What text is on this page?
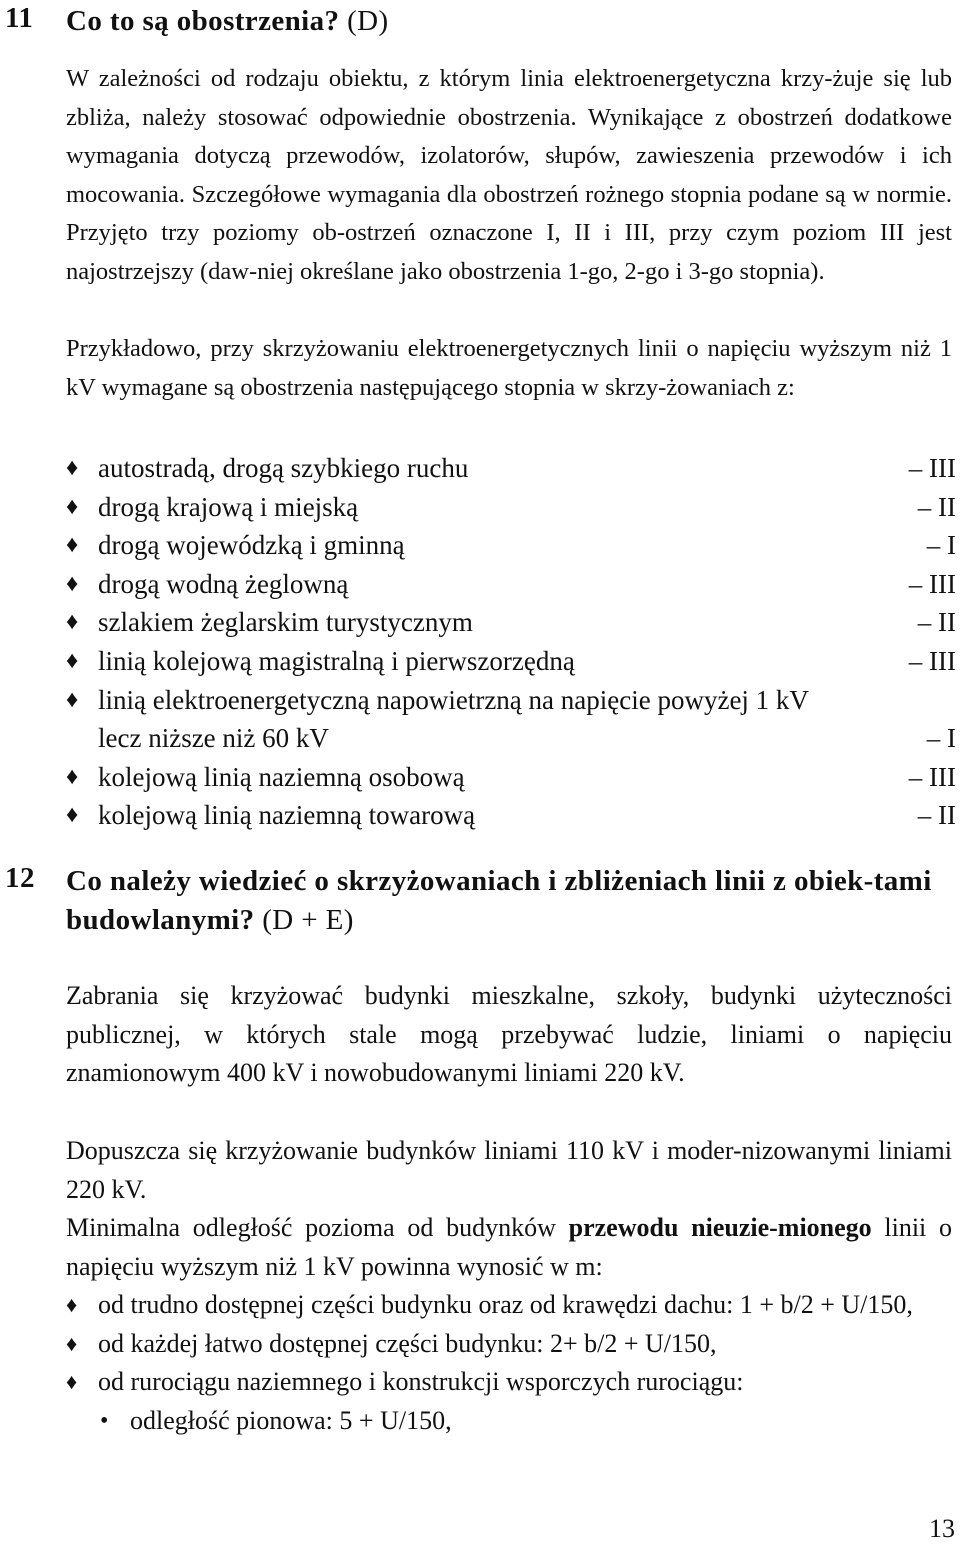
11 Co to są obostrzenia? (D)
W zależności od rodzaju obiektu, z którym linia elektroenergetyczna krzy-żuje się lub zbliża, należy stosować odpowiednie obostrzenia. Wynikające z obostrzeń dodatkowe wymagania dotyczą przewodów, izolatorów, słupów, zawieszenia przewodów i ich mocowania. Szczegółowe wymagania dla obostrzeń rożnego stopnia podane są w normie. Przyjęto trzy poziomy ob-ostrzeń oznaczone I, II i III, przy czym poziom III jest najostrzejszy (daw-niej określane jako obostrzenia 1-go, 2-go i 3-go stopnia).
Przykładowo, przy skrzyżowaniu elektroenergetycznych linii o napięciu wyższym niż 1 kV wymagane są obostrzenia następującego stopnia w skrzy-żowaniach z:
♦ autostradą, drogą szybkiego ruchu	– III
♦ drogą krajową i miejską	– II
♦ drogą wojewódzką i gminną	– I
♦ drogą wodną żeglowną	– III
♦ szlakiem żeglarskim turystycznym	– II
♦ linią kolejową magistralną i pierwszorzędną	– III
♦ linią elektroenergetyczną napowietrzną na napięcie powyżej 1 kV lecz niższe niż 60 kV	– I
♦ kolejową linią naziemną osobową	– III
♦ kolejową linią naziemną towarową	– II
12 Co należy wiedzieć o skrzyżowaniach i zbliżeniach linii z obiek-tami budowlanymi? (D + E)
Zabrania się krzyżować budynki mieszkalne, szkoły, budynki użyteczności publicznej, w których stale mogą przebywać ludzie, liniami o napięciu znamionowym 400 kV i nowobudowanymi liniami 220 kV.
Dopuszcza się krzyżowanie budynków liniami 110 kV i moder-nizowanymi liniami 220 kV.
Minimalna odległość pozioma od budynków przewodu nieuzie-mionego linii o napięciu wyższym niż 1 kV powinna wynosić w m:
♦ od trudno dostępnej części budynku oraz od krawędzi dachu: 1 + b/2 + U/150,
♦ od każdej łatwo dostępnej części budynku: 2+ b/2 + U/150,
♦ od rurociągu naziemnego i konstrukcji wsporczych rurociągu:
• odległość pionowa: 5 + U/150,
13
